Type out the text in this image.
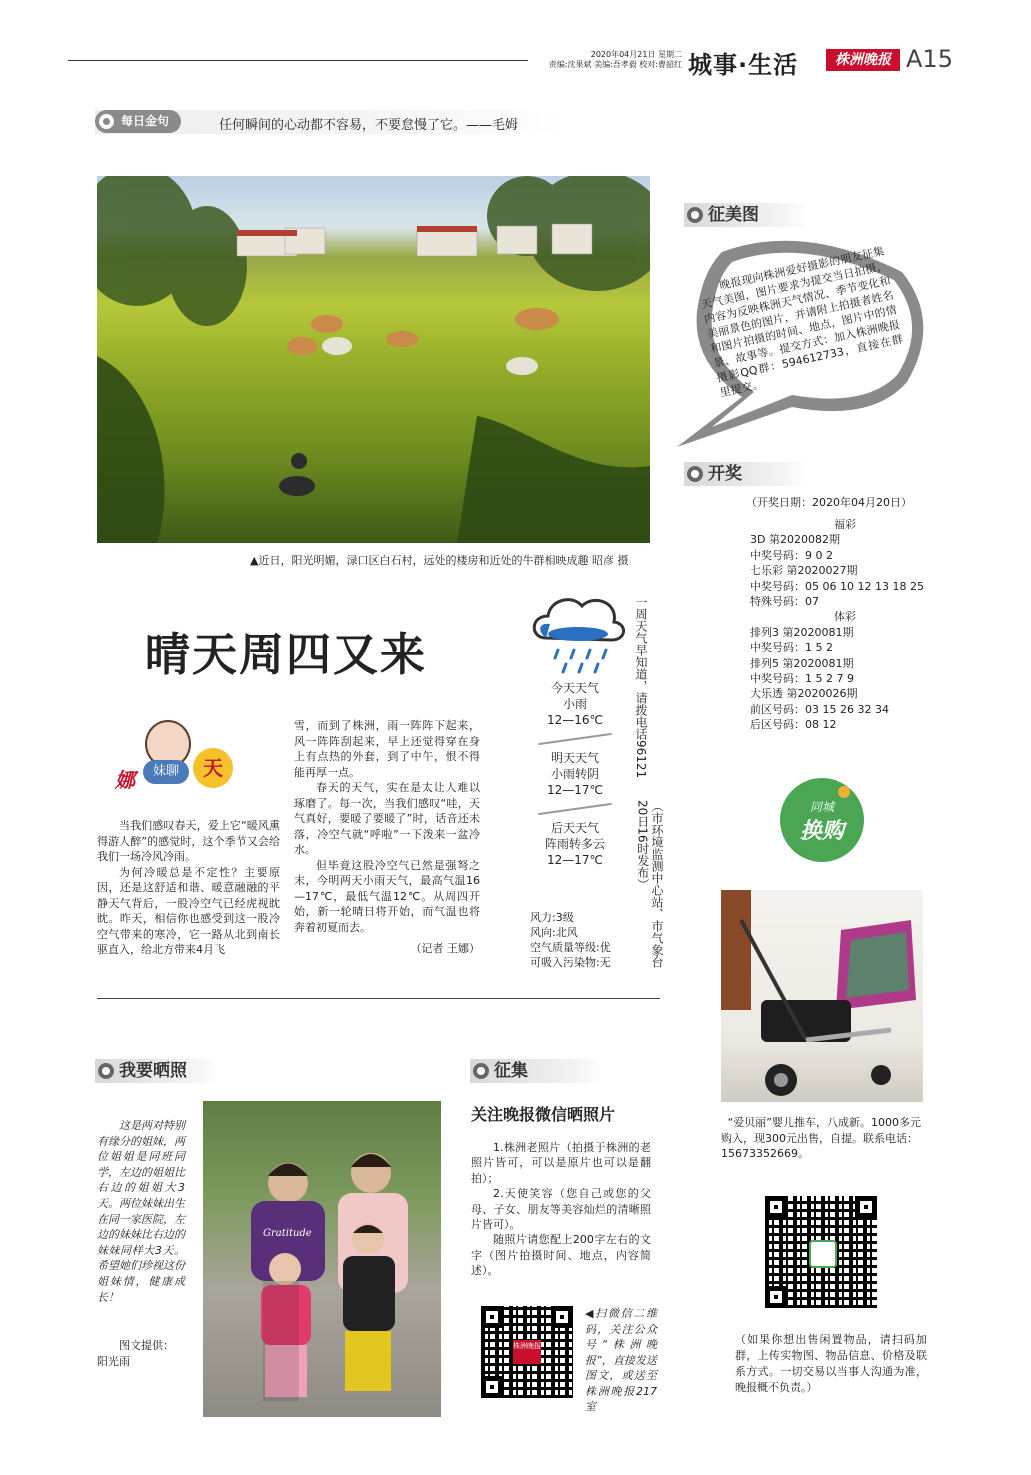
2020年04月21日 星期二
责编:沈果斌 美编:吾孝毅 校对:曹韶红 城事·生活	株洲晚报 A15
每日金句	任何瞬间的心动都不容易，不要怠慢了它。——毛姆
▲近日，阳光明媚，渌口区白石村，远处的楼房和近处的牛群相映成趣 昭彦 摄
晴天周四又来
娜	妹聊	天

当我们感叹春天，爱上它“暖风熏得游人醉”的感觉时，这个季节又会给我们一场冷风冷雨。

为何冷暖总是不定性？主要原因，还是这舒适和谐、暖意融融的平静天气背后，一股冷空气已经虎视眈眈。昨天，相信你也感受到这一股冷空气带来的寒冷，它一路从北到南长驱直入，给北方带来4月飞

雪，而到了株洲，雨一阵阵下起来，风一阵阵刮起来，早上还觉得穿在身上有点热的外套，到了中午，恨不得能再厚一点。

春天的天气，实在是太让人难以琢磨了。每一次，当我们感叹“哇，天气真好，要暖了要暖了”时，话音还未落，冷空气就“呼啦”一下泼来一盆冷水。

但毕竟这股冷空气已然是强弩之末，今明两天小雨天气，最高气温16—17℃，最低气温12℃。从周四开始，新一轮晴日将开始，而气温也将奔着初夏而去。

（记者 王娜）
今天天气
小雨
12—16℃
明天天气
小雨转阴
12—17℃
后天天气
阵雨转多云
12—17℃
风力:3级
风向:北风
空气质量等级:优
可吸入污染物:无
一周天气早知道，请拨电话96121
（市环境监测中心站、市气象台20日16时发布）
征美图
晚报现向株洲爱好摄影的朋友征集天气美图，图片要求为提交当日拍摄，内容为反映株洲天气情况、季节变化和美丽景色的图片，并请附上拍摄者姓名和图片拍摄的时间、地点，图片中的情景、故事等。提交方式：加入株洲晚报摄影QQ群：594612733，直接在群里提交。
开奖
（开奖日期：2020年04月20日）
福彩
3D 第2020082期
中奖号码：9 0 2
七乐彩 第2020027期
中奖号码：05 06 10 12 13 18 25
特殊号码：07
体彩
排列3 第2020081期
中奖号码：1 5 2
排列5 第2020081期
中奖号码：1 5 2 7 9
大乐透 第2020026期
前区号码：03 15 26 32 34
后区号码：08 12
同城
换购
“爱贝丽”婴儿推车，八成新。1000多元购入，现300元出售，自提。联系电话：15673352669。
（如果你想出售闲置物品，请扫码加群，上传实物图、物品信息、价格及联系方式。一切交易以当事人沟通为准，晚报概不负责。）
我要晒照
这是两对特别有缘分的姐妹，两位姐姐是同班同学，左边的姐姐比右边的姐姐大3天。两位妹妹出生在同一家医院，左边的妹妹比右边的妹妹同样大3天。希望她们珍视这份姐妹情，健康成长！
图文提供：
阳光雨
Gratitude
征集
关注晚报微信晒照片
1.株洲老照片（拍摄于株洲的老照片皆可，可以是原片也可以是翻拍）；
2.天使笑容（您自己或您的父母、子女、朋友等美容灿烂的清晰照片皆可）。
随照片请您配上200字左右的文字（图片拍摄时间、地点，内容简述）。
株洲晚报
◀扫微信二维码，关注公众号“株洲晚报”，直接发送图文，或送至株洲晚报217室
